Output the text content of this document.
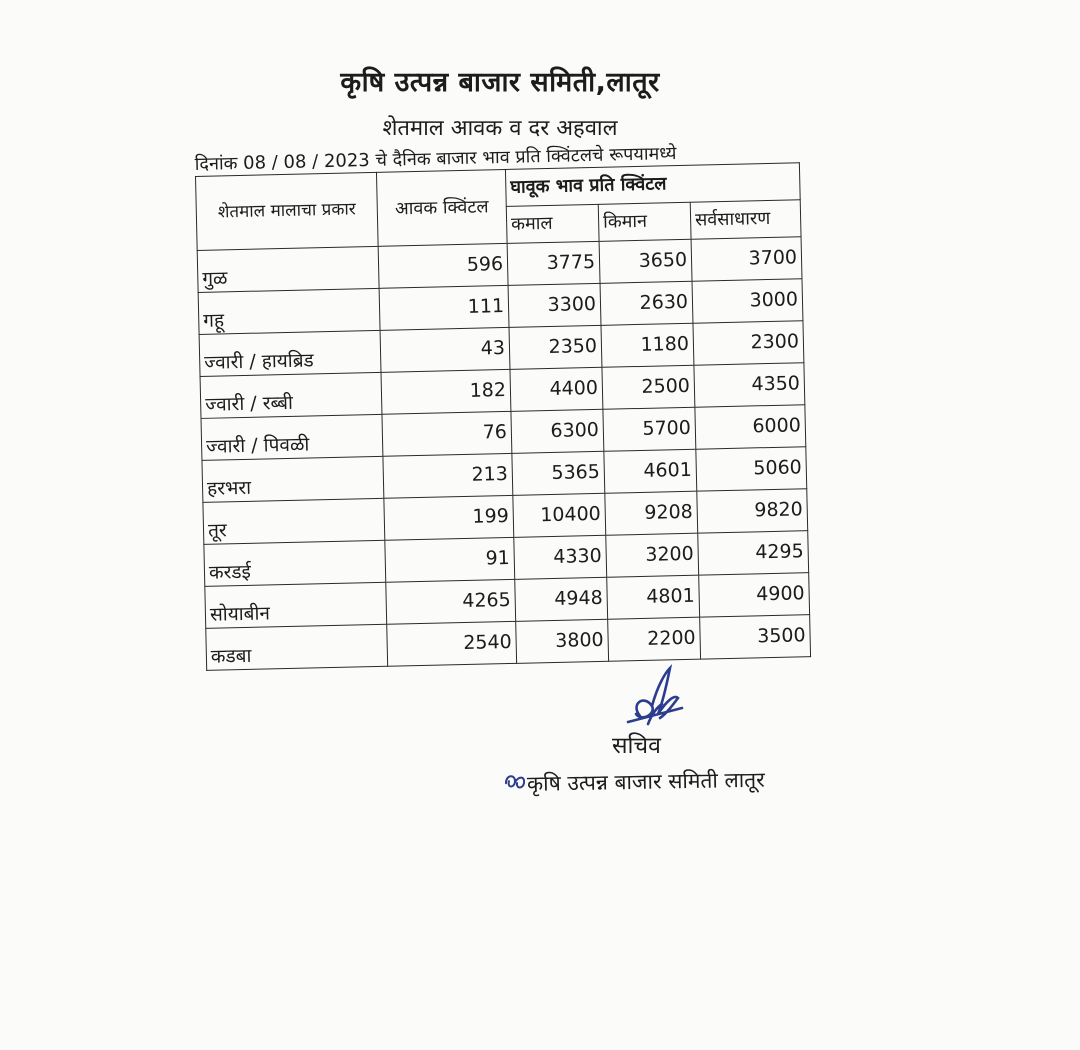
कृषि उत्पन्न बाजार समिती,लातूर
शेतमाल आवक व दर अहवाल
दिनांक 08 / 08 / 2023 चे दैनिक बाजार भाव प्रति क्विंटलचे रूपयामध्ये
शेतमाल मालाचा प्रकार	आवक क्विंटल	घावूक भाव प्रति क्विंटल		
		कमाल	किमान	सर्वसाधारण
गुळ	596	3775	3650	3700
गहू	111	3300	2630	3000
ज्वारी / हायब्रिड	43	2350	1180	2300
ज्वारी / रब्बी	182	4400	2500	4350
ज्वारी / पिवळी	76	6300	5700	6000
हरभरा	213	5365	4601	5060
तूर	199	10400	9208	9820
करडई	91	4330	3200	4295
सोयाबीन	4265	4948	4801	4900
कडबा	2540	3800	2200	3500
सचिव
कृषि उत्पन्न बाजार समिती लातूर
